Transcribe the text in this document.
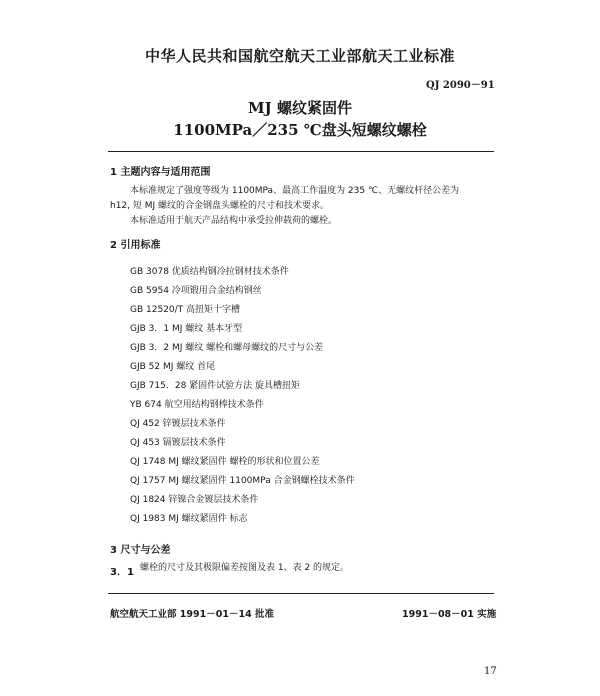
中华人民共和国航空航天工业部航天工业标准
QJ 2090－91
MJ 螺纹紧固件
1100MPa／235 ℃盘头短螺纹螺栓
1 主题内容与适用范围
本标准规定了强度等级为 1100MPa、最高工作温度为 235 ℃、无螺纹杆径公差为
h12, 短 MJ 螺纹的合金钢盘头螺栓的尺寸和技术要求。
本标准适用于航天产品结构中承受拉伸载荷的螺栓。
2 引用标准
GB 3078 优质结构钢冷拉钢材技术条件
GB 5954 冷项锻用合金结构钢丝
GB 12520/T 高扭矩十字槽
GJB 3．1 MJ 螺纹 基本牙型
GJB 3．2 MJ 螺纹 螺栓和螺母螺纹的尺寸与公差
GJB 52 MJ 螺纹 首尾
GJB 715．28 紧固件试验方法 旋具槽扭矩
YB 674 航空用结构钢棒技术条件
QJ 452 锌镀层技术条件
QJ 453 镉镀层技术条件
QJ 1748 MJ 螺纹紧固件 螺栓的形状和位置公差
QJ 1757 MJ 螺纹紧固件 1100MPa 合金钢螺栓技术条件
QJ 1824 锌镍合金镀层技术条件
QJ 1983 MJ 螺纹紧固件 标志
3 尺寸与公差
3．1 螺栓的尺寸及其极限偏差按图及表 1、表 2 的规定。
航空航天工业部 1991－01－14 批准	1991－08－01 实施
17
